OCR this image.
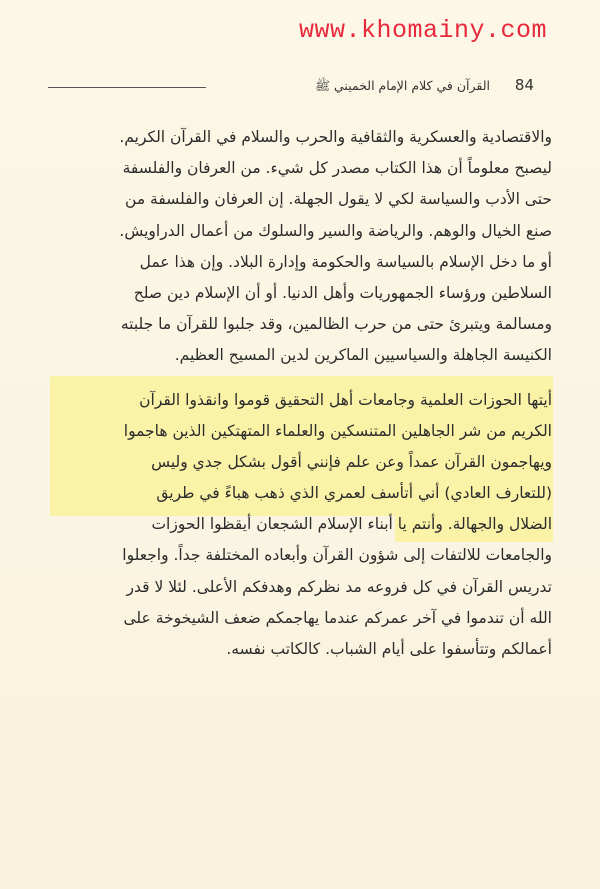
www.khomainy.com
القرآن في كلام الإمام الخميني ﷺ 84
والاقتصادية والعسكرية والثقافية والحرب والسلام في القرآن الكريم.
ليصبح معلوماً أن هذا الكتاب مصدر كل شيء. من العرفان والفلسفة
حتى الأدب والسياسة لكي لا يقول الجهلة. إن العرفان والفلسفة من
صنع الخيال والوهم. والرياضة والسير والسلوك من أعمال الدراويش.
أو ما دخل الإسلام بالسياسة والحكومة وإدارة البلاد. وإن هذا عمل
السلاطين ورؤساء الجمهوريات وأهل الدنيا. أو أن الإسلام دين صلح
ومسالمة ويتبرئ حتى من حرب الظالمين، وقد جلبوا للقرآن ما جلبته
الكنيسة الجاهلة والسياسيين الماكرين لدين المسيح العظيم.
أيتها الحوزات العلمية وجامعات أهل التحقيق قوموا وانقذوا القرآن
الكريم من شر الجاهلين المتنسكين والعلماء المتهتكين الذين هاجموا
ويهاجمون القرآن عمداً وعن علم فإنني أقول بشكل جدي وليس
(للتعارف العادي) أني أتأسف لعمري الذي ذهب هباءً في طريق
الضلال والجهالة. وأنتم يا أبناء الإسلام الشجعان أيقظوا الحوزات
والجامعات للالتفات إلى شؤون القرآن وأبعاده المختلفة جداً. واجعلوا
تدريس القرآن في كل فروعه مد نظركم وهدفكم الأعلى. لئلا لا قدر
الله أن تندموا في آخر عمركم عندما يهاجمكم ضعف الشيخوخة على
أعمالكم وتتأسفوا على أيام الشباب. كالكاتب نفسه.
